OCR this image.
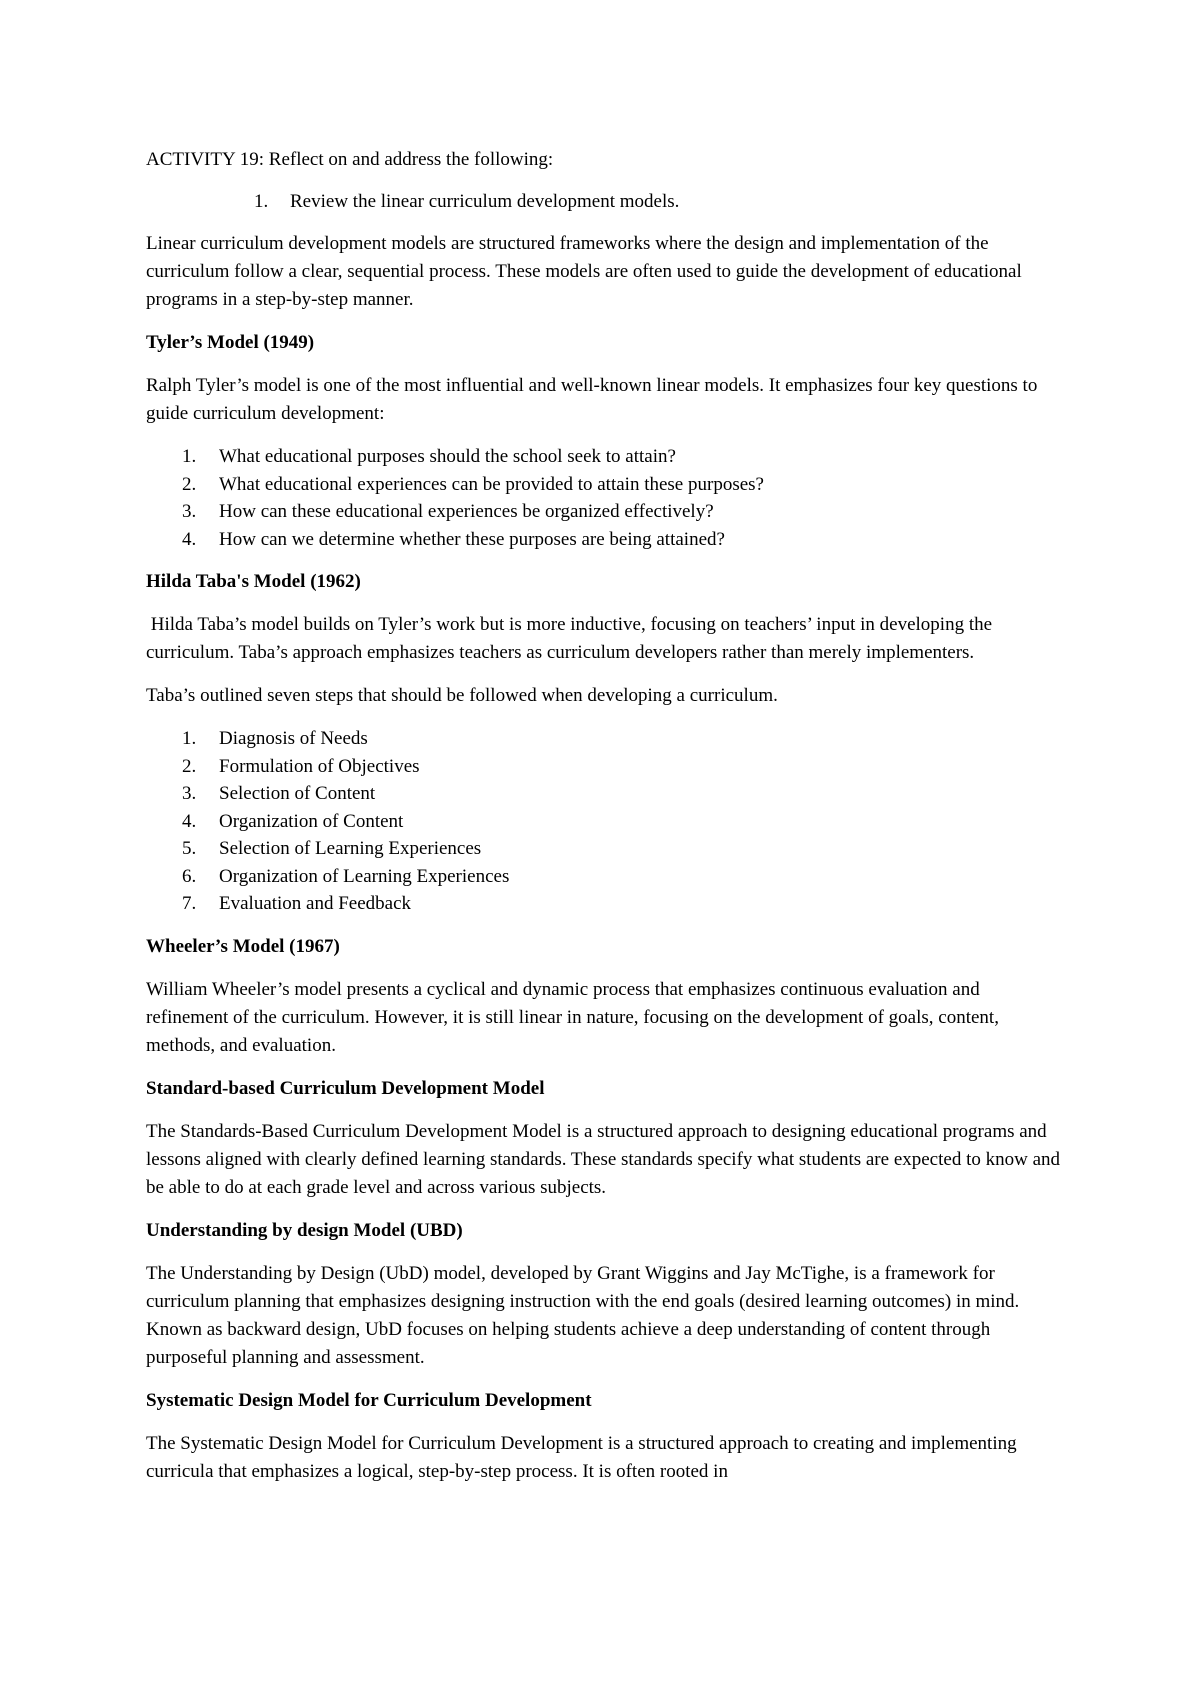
ACTIVITY 19: Reflect on and address the following:

1. Review the linear curriculum development models.

Linear curriculum development models are structured frameworks where the design and implementation of the curriculum follow a clear, sequential process. These models are often used to guide the development of educational programs in a step-by-step manner.

Tyler’s Model (1949)

Ralph Tyler’s model is one of the most influential and well-known linear models. It emphasizes four key questions to guide curriculum development:

1. What educational purposes should the school seek to attain?
2. What educational experiences can be provided to attain these purposes?
3. How can these educational experiences be organized effectively?
4. How can we determine whether these purposes are being attained?
Hilda Taba's Model (1962)

Hilda Taba’s model builds on Tyler’s work but is more inductive, focusing on teachers’ input in developing the curriculum. Taba’s approach emphasizes teachers as curriculum developers rather than merely implementers.

Taba’s outlined seven steps that should be followed when developing a curriculum.

1. Diagnosis of Needs
2. Formulation of Objectives
3. Selection of Content
4. Organization of Content
5. Selection of Learning Experiences
6. Organization of Learning Experiences
7. Evaluation and Feedback
Wheeler’s Model (1967)

William Wheeler’s model presents a cyclical and dynamic process that emphasizes continuous evaluation and refinement of the curriculum. However, it is still linear in nature, focusing on the development of goals, content, methods, and evaluation.

Standard-based Curriculum Development Model

The Standards-Based Curriculum Development Model is a structured approach to designing educational programs and lessons aligned with clearly defined learning standards. These standards specify what students are expected to know and be able to do at each grade level and across various subjects.

Understanding by design Model (UBD)

The Understanding by Design (UbD) model, developed by Grant Wiggins and Jay McTighe, is a framework for curriculum planning that emphasizes designing instruction with the end goals (desired learning outcomes) in mind. Known as backward design, UbD focuses on helping students achieve a deep understanding of content through purposeful planning and assessment.

Systematic Design Model for Curriculum Development

The Systematic Design Model for Curriculum Development is a structured approach to creating and implementing curricula that emphasizes a logical, step-by-step process. It is often rooted in
